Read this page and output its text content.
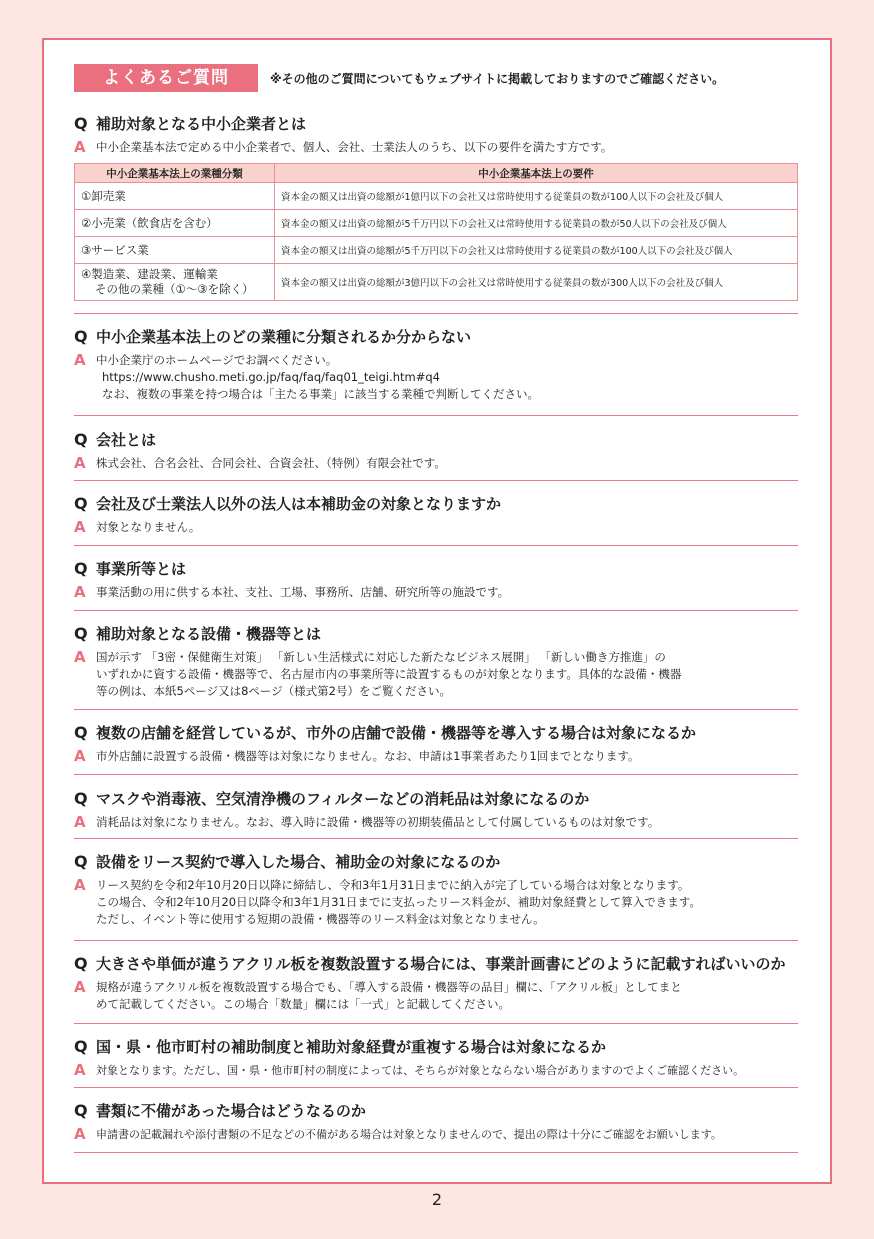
よくあるご質問	※その他のご質問についてもウェブサイトに掲載しておりますのでご確認ください。
Q 補助対象となる中小企業者とは
A 中小企業基本法で定める中小企業者で、個人、会社、士業法人のうち、以下の要件を満たす方です。
中小企業基本法上の業種分類	中小企業基本法上の要件
①卸売業	資本金の額又は出資の総額が1億円以下の会社又は常時使用する従業員の数が100人以下の会社及び個人
②小売業（飲食店を含む）	資本金の額又は出資の総額が5千万円以下の会社又は常時使用する従業員の数が50人以下の会社及び個人
③サービス業	資本金の額又は出資の総額が5千万円以下の会社又は常時使用する従業員の数が100人以下の会社及び個人

④製造業、建設業、運輸業
その他の業種（①～③を除く）	資本金の額又は出資の総額が3億円以下の会社又は常時使用する従業員の数が300人以下の会社及び個人
Q 中小企業基本法上のどの業種に分類されるか分からない
A 中小企業庁のホームページでお調べください。
https://www.chusho.meti.go.jp/faq/faq/faq01_teigi.htm#q4
なお、複数の事業を持つ場合は「主たる事業」に該当する業種で判断してください。
Q 会社とは
A 株式会社、合名会社、合同会社、合資会社、（特例）有限会社です。
Q 会社及び士業法人以外の法人は本補助金の対象となりますか
A 対象となりません。
Q 事業所等とは
A 事業活動の用に供する本社、支社、工場、事務所、店舗、研究所等の施設です。
Q 補助対象となる設備・機器等とは
A 国が示す 「3密・保健衛生対策」 「新しい生活様式に対応した新たなビジネス展開」 「新しい働き方推進」の
いずれかに資する設備・機器等で、名古屋市内の事業所等に設置するものが対象となります。具体的な設備・機器
等の例は、本紙5ページ又は8ページ（様式第2号）をご覧ください。
Q 複数の店舗を経営しているが、市外の店舗で設備・機器等を導入する場合は対象になるか
A 市外店舗に設置する設備・機器等は対象になりません。なお、申請は1事業者あたり1回までとなります。
Q マスクや消毒液、空気清浄機のフィルターなどの消耗品は対象になるのか
A 消耗品は対象になりません。なお、導入時に設備・機器等の初期装備品として付属しているものは対象です。
Q 設備をリース契約で導入した場合、補助金の対象になるのか
A リース契約を令和2年10月20日以降に締結し、令和3年1月31日までに納入が完了している場合は対象となります。
この場合、令和2年10月20日以降令和3年1月31日までに支払ったリース料金が、補助対象経費として算入できます。
ただし、イベント等に使用する短期の設備・機器等のリース料金は対象となりません。
Q 大きさや単価が違うアクリル板を複数設置する場合には、事業計画書にどのように記載すればいいのか
A 規格が違うアクリル板を複数設置する場合でも、「導入する設備・機器等の品目」欄に、「アクリル板」としてまと
めて記載してください。この場合「数量」欄には「一式」と記載してください。
Q 国・県・他市町村の補助制度と補助対象経費が重複する場合は対象になるか
A 対象となります。ただし、国・県・他市町村の制度によっては、そちらが対象とならない場合がありますのでよくご確認ください。
Q 書類に不備があった場合はどうなるのか
A 申請書の記載漏れや添付書類の不足などの不備がある場合は対象となりませんので、提出の際は十分にご確認をお願いします。
2
